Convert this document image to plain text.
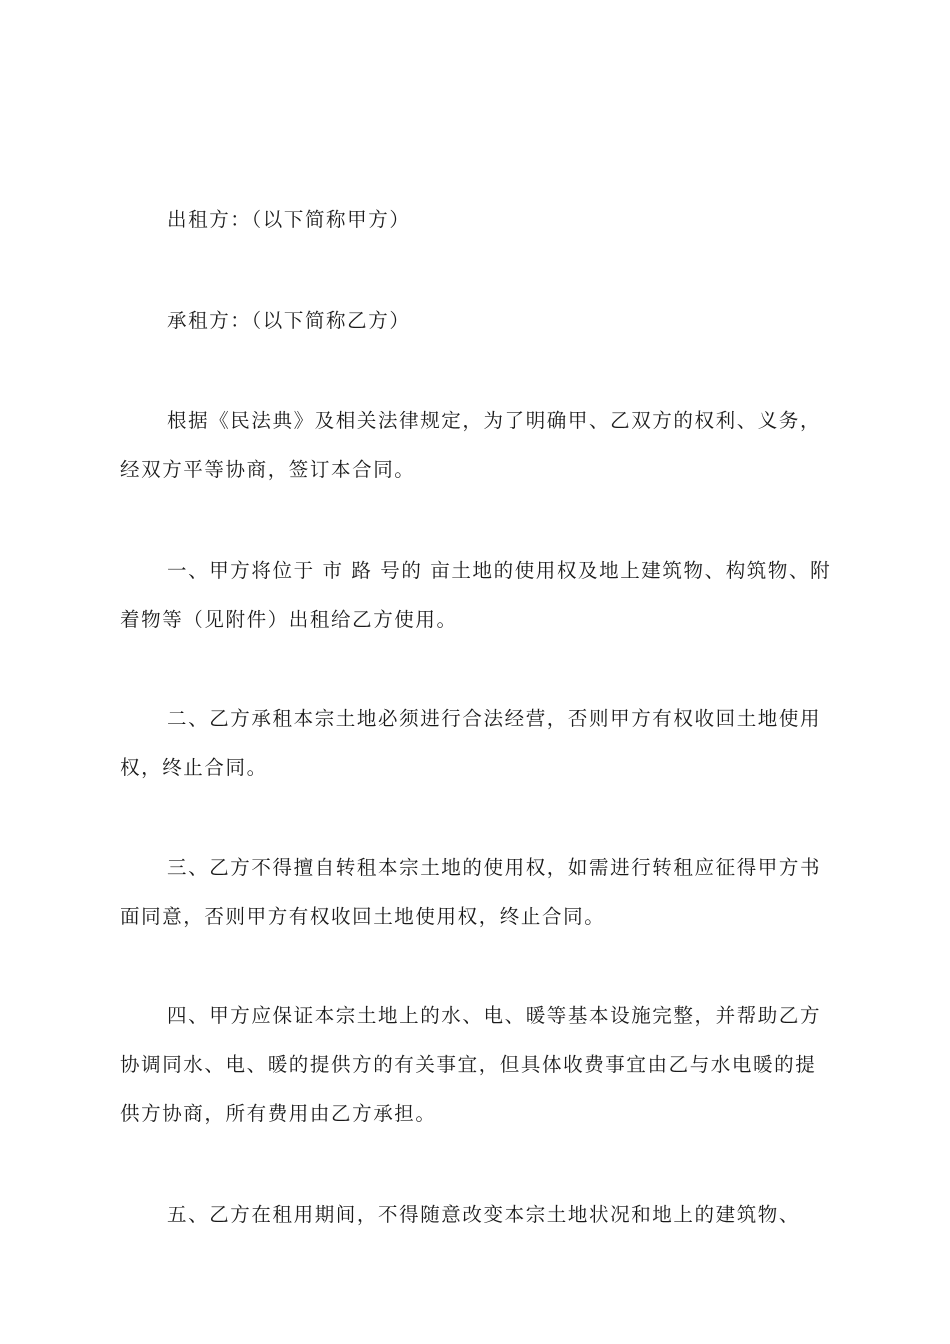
出租方：（以下简称甲方）

承租方：（以下简称乙方）

根据《民法典》及相关法律规定，为了明确甲、乙双方的权利、义务，经双方平等协商，签订本合同。

一、甲方将位于 市 路 号的 亩土地的使用权及地上建筑物、构筑物、附着物等（见附件）出租给乙方使用。

二、乙方承租本宗土地必须进行合法经营，否则甲方有权收回土地使用权，终止合同。

三、乙方不得擅自转租本宗土地的使用权，如需进行转租应征得甲方书面同意，否则甲方有权收回土地使用权，终止合同。

四、甲方应保证本宗土地上的水、电、暖等基本设施完整，并帮助乙方协调同水、电、暖的提供方的有关事宜，但具体收费事宜由乙与水电暖的提供方协商，所有费用由乙方承担。

五、乙方在租用期间，不得随意改变本宗土地状况和地上的建筑物、
